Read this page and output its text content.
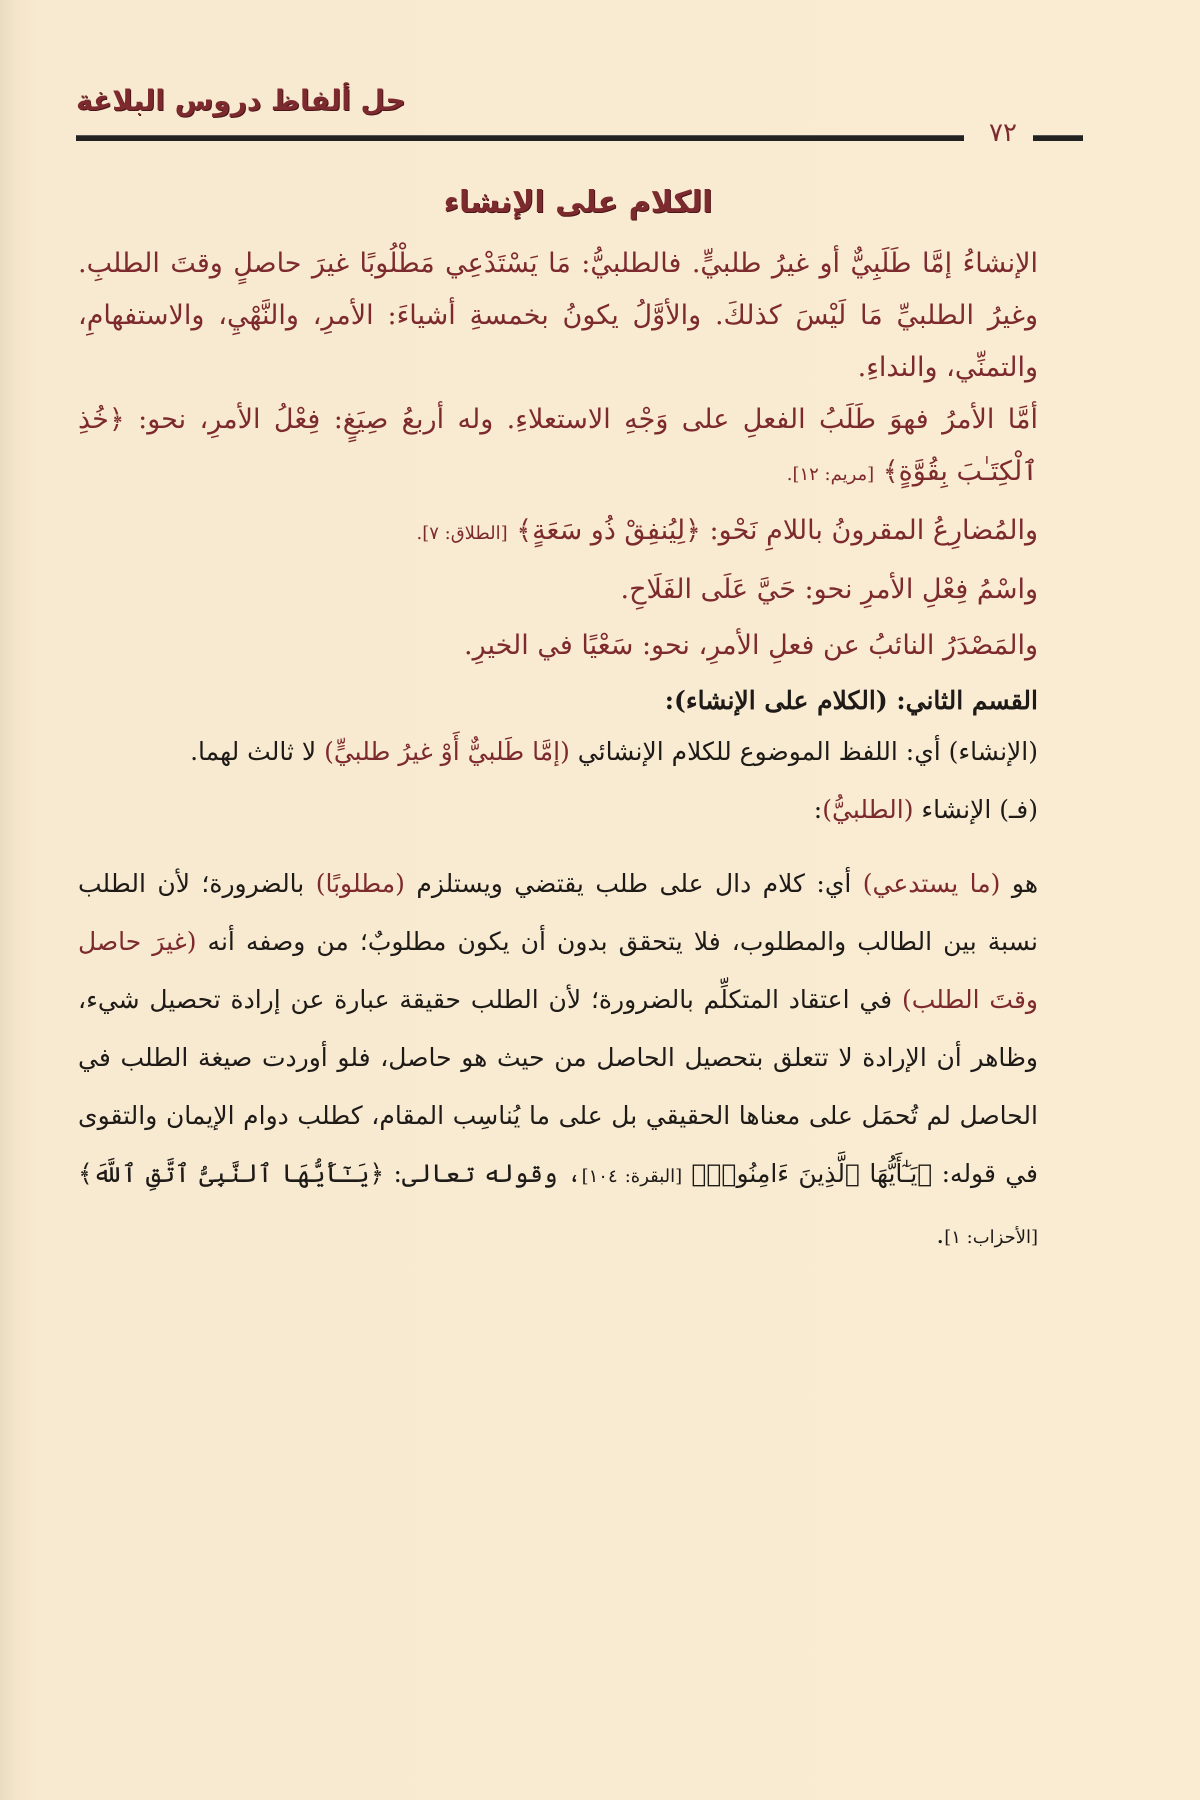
حل ألفاظ دروس البلاغة
٧٢
الكلام على الإنشاء

الإنشاءُ إمَّا طَلَبِيٌّ أو غيرُ طلبيٍّ. فالطلبيُّ: مَا يَسْتَدْعِي مَطْلُوبًا غيرَ حاصلٍ وقتَ الطلبِ. وغيرُ الطلبيِّ مَا لَيْسَ كذلكَ. والأوَّلُ يكونُ بخمسةِ أشياءَ: الأمرِ، والنَّهْيِ، والاستفهامِ، والتمنِّي، والنداءِ.

أمَّا الأمرُ فهوَ طَلَبُ الفعلِ على وَجْهِ الاستعلاءِ. وله أربعُ صِيَغٍ: فِعْلُ الأمرِ، نحو: ﴿خُذِ ٱلْكِتَـٰبَ بِقُوَّةٍ﴾ [مريم: ١٢].

والمُضارِعُ المقرونُ باللامِ نَحْو: ﴿لِيُنفِقْ ذُو سَعَةٍ﴾ [الطلاق: ٧].

واسْمُ فِعْلِ الأمرِ نحو: حَيَّ عَلَى الفَلَاحِ.

والمَصْدَرُ النائبُ عن فعلِ الأمرِ، نحو: سَعْيًا في الخيرِ.

القسم الثاني: (الكلام على الإنشاء):

(الإنشاء) أي: اللفظ الموضوع للكلام الإنشائي (إمَّا طَلبيٌّ أَوْ غيرُ طلبيٍّ) لا ثالث لهما.

(فـ) الإنشاء (الطلبيُّ):

هو (ما يستدعي) أي: كلام دال على طلب يقتضي ويستلزم (مطلوبًا) بالضرورة؛ لأن الطلب نسبة بين الطالب والمطلوب، فلا يتحقق بدون أن يكون مطلوبٌ؛ من وصفه أنه (غيرَ حاصل وقتَ الطلب) في اعتقاد المتكلِّم بالضرورة؛ لأن الطلب حقيقة عبارة عن إرادة تحصيل شيء، وظاهر أن الإرادة لا تتعلق بتحصيل الحاصل من حيث هو حاصل، فلو أوردت صيغة الطلب في الحاصل لم تُحمَل على معناها الحقيقي بل على ما يُناسِب المقام، كطلب دوام الإيمان والتقوى في قوله: ﴿يَـٰٓأَيُّهَا ٱلَّذِينَ ءَامِنُوا۟﴾ [البقرة: ١٠٤]، وقوله تعالى: ﴿يَـٰٓأَيُّهَا ٱلنَّبِىُّ ٱتَّقِ ٱللَّهَ﴾ [الأحزاب: ١].
